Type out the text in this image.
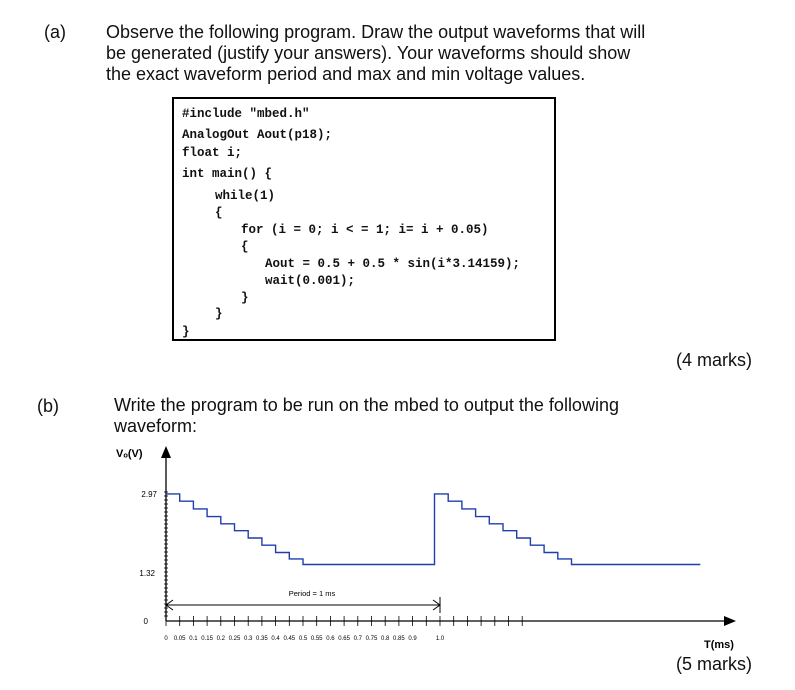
(a) Observe the following program. Draw the output waveforms that will
be generated (justify your answers). Your waveforms should show
the exact waveform period and max and min voltage values.
#include "mbed.h"
AnalogOut Aout(p18);
float i;
int main() {
while(1)
{
for (i = 0; i < = 1; i= i + 0.05)
{
Aout = 0.5 + 0.5 * sin(i*3.14159);
wait(0.001);
}
}
}
(4 marks)
(b)	Write the program to be run on the mbed to output the following
waveform:
Vₒ(V)
T(ms)
2.97
1.32
0
Period = 1 ms
0 0.05 0.1 0.15 0.2 0.25 0.3 0.35 0.4 0.45 0.5 0.55 0.6 0.65 0.7 0.75 0.8 0.85 0.9	1.0
(5 marks)
